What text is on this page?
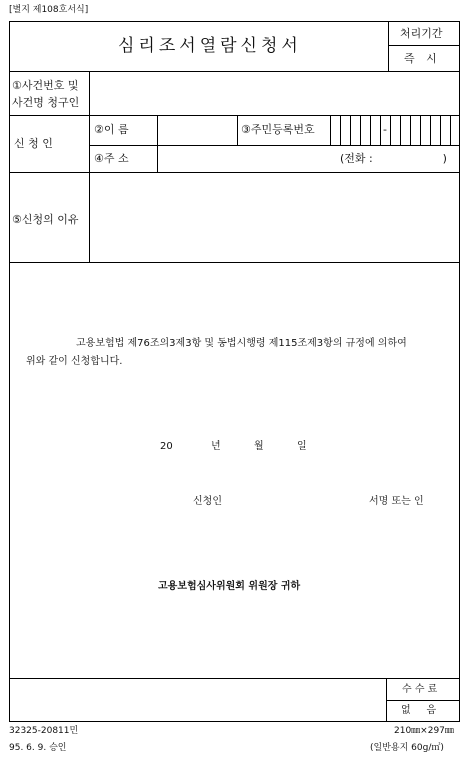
[별지 제108호서식]
심리조서열람신청서
처리기간
즉 시
①사건번호 및
사건명 청구인
신 청 인
②이 름	③주민등록번호	-
④주 소	(전화 :                    )
⑤신청의 이유
고용보험법 제76조의3제3항 및 동법시행령 제115조제3항의 규정에 의하여
위와 같이 신청합니다.
20	년	월	일
신청인	서명 또는 인
고용보험심사위원회 위원장 귀하
수 수 료
없     음
32325-20811민	210㎜×297㎜
95. 6. 9. 승인	(일반용지 60g/㎡)
